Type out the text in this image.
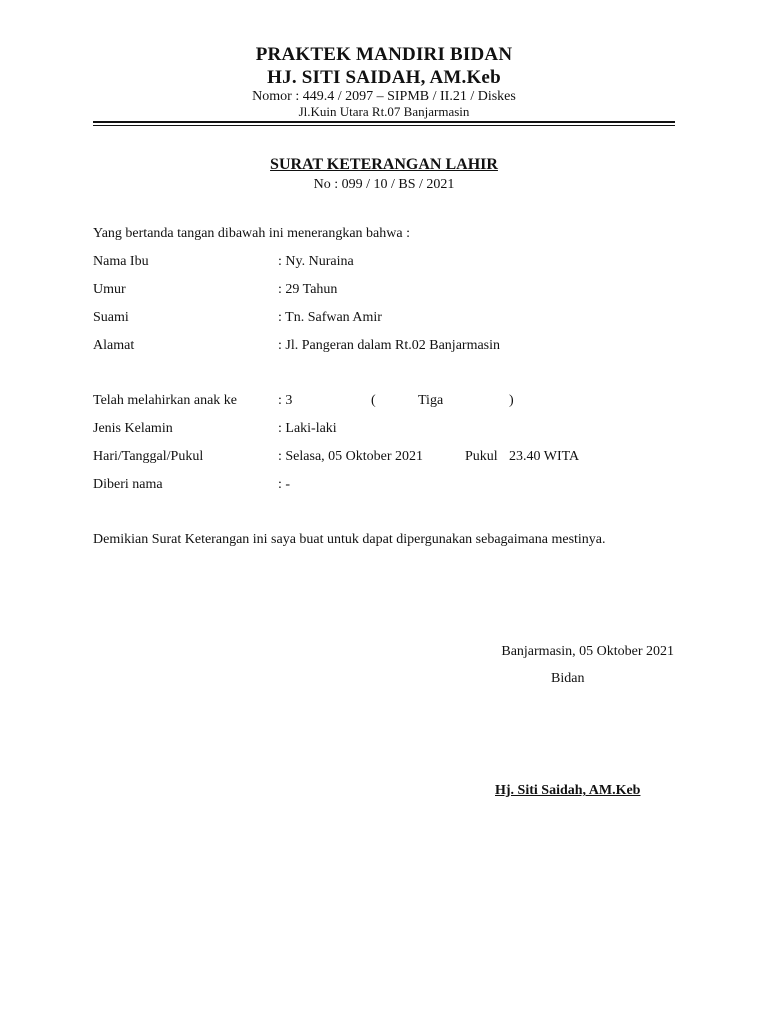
PRAKTEK MANDIRI BIDAN
HJ. SITI SAIDAH, AM.Keb
Nomor : 449.4 / 2097 – SIPMB / II.21 / Diskes
Jl.Kuin Utara Rt.07 Banjarmasin
SURAT KETERANGAN LAHIR
No : 099 / 10 / BS / 2021
Yang bertanda tangan dibawah ini menerangkan bahwa :
Nama Ibu	: Ny. Nuraina
Umur	: 29 Tahun
Suami	: Tn. Safwan Amir
Alamat	: Jl. Pangeran dalam Rt.02 Banjarmasin
Telah melahirkan anak ke	: 3	(	Tiga	)
Jenis Kelamin	: Laki-laki
Hari/Tanggal/Pukul	: Selasa, 05 Oktober 2021	Pukul 23.40 WITA
Diberi nama	: -
Demikian Surat Keterangan ini saya buat untuk dapat dipergunakan sebagaimana mestinya.
Banjarmasin, 05 Oktober 2021
Bidan
Hj. Siti Saidah, AM.Keb
